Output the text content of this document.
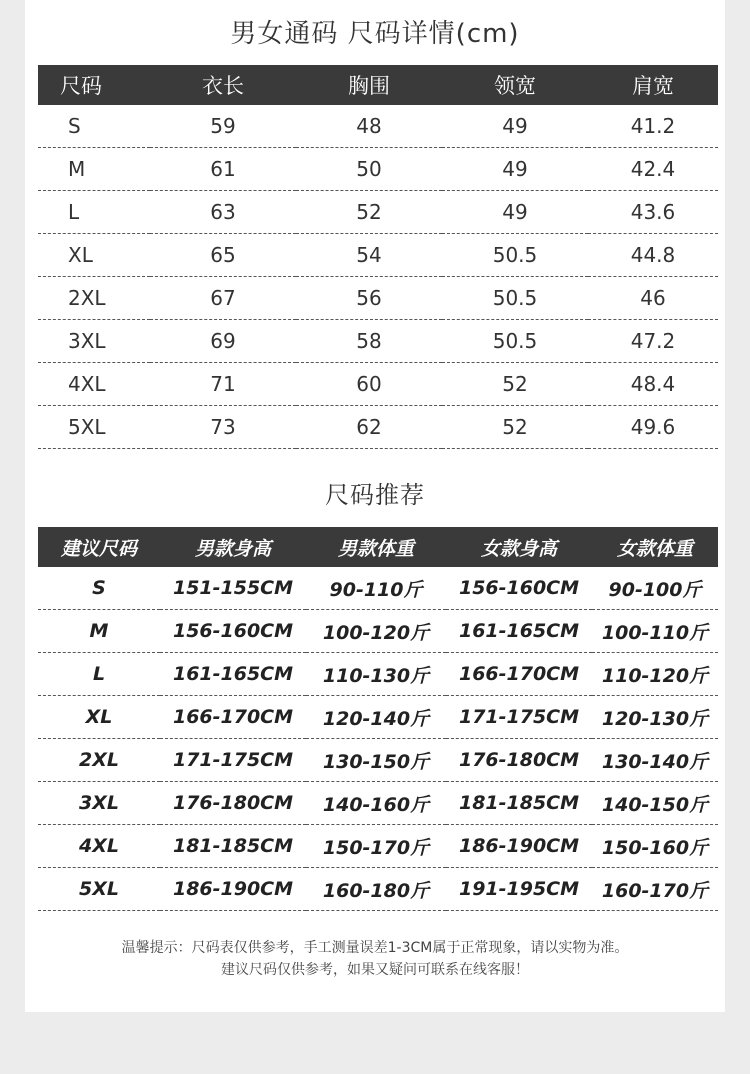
男女通码 尺码详情(cm)
尺码	衣长	胸围	领宽	肩宽
S	59	48	49	41.2
M	61	50	49	42.4
L	63	52	49	43.6
XL	65	54	50.5	44.8
2XL	67	56	50.5	46
3XL	69	58	50.5	47.2
4XL	71	60	52	48.4
5XL	73	62	52	49.6
尺码推荐
建议尺码	男款身高	男款体重	女款身高	女款体重
S	151-155CM	90-110斤	156-160CM	90-100斤
M	156-160CM	100-120斤	161-165CM	100-110斤
L	161-165CM	110-130斤	166-170CM	110-120斤
XL	166-170CM	120-140斤	171-175CM	120-130斤
2XL	171-175CM	130-150斤	176-180CM	130-140斤
3XL	176-180CM	140-160斤	181-185CM	140-150斤
4XL	181-185CM	150-170斤	186-190CM	150-160斤
5XL	186-190CM	160-180斤	191-195CM	160-170斤
温馨提示：尺码表仅供参考，手工测量误差1-3CM属于正常现象，请以实物为准。
建议尺码仅供参考，如果又疑问可联系在线客服！
